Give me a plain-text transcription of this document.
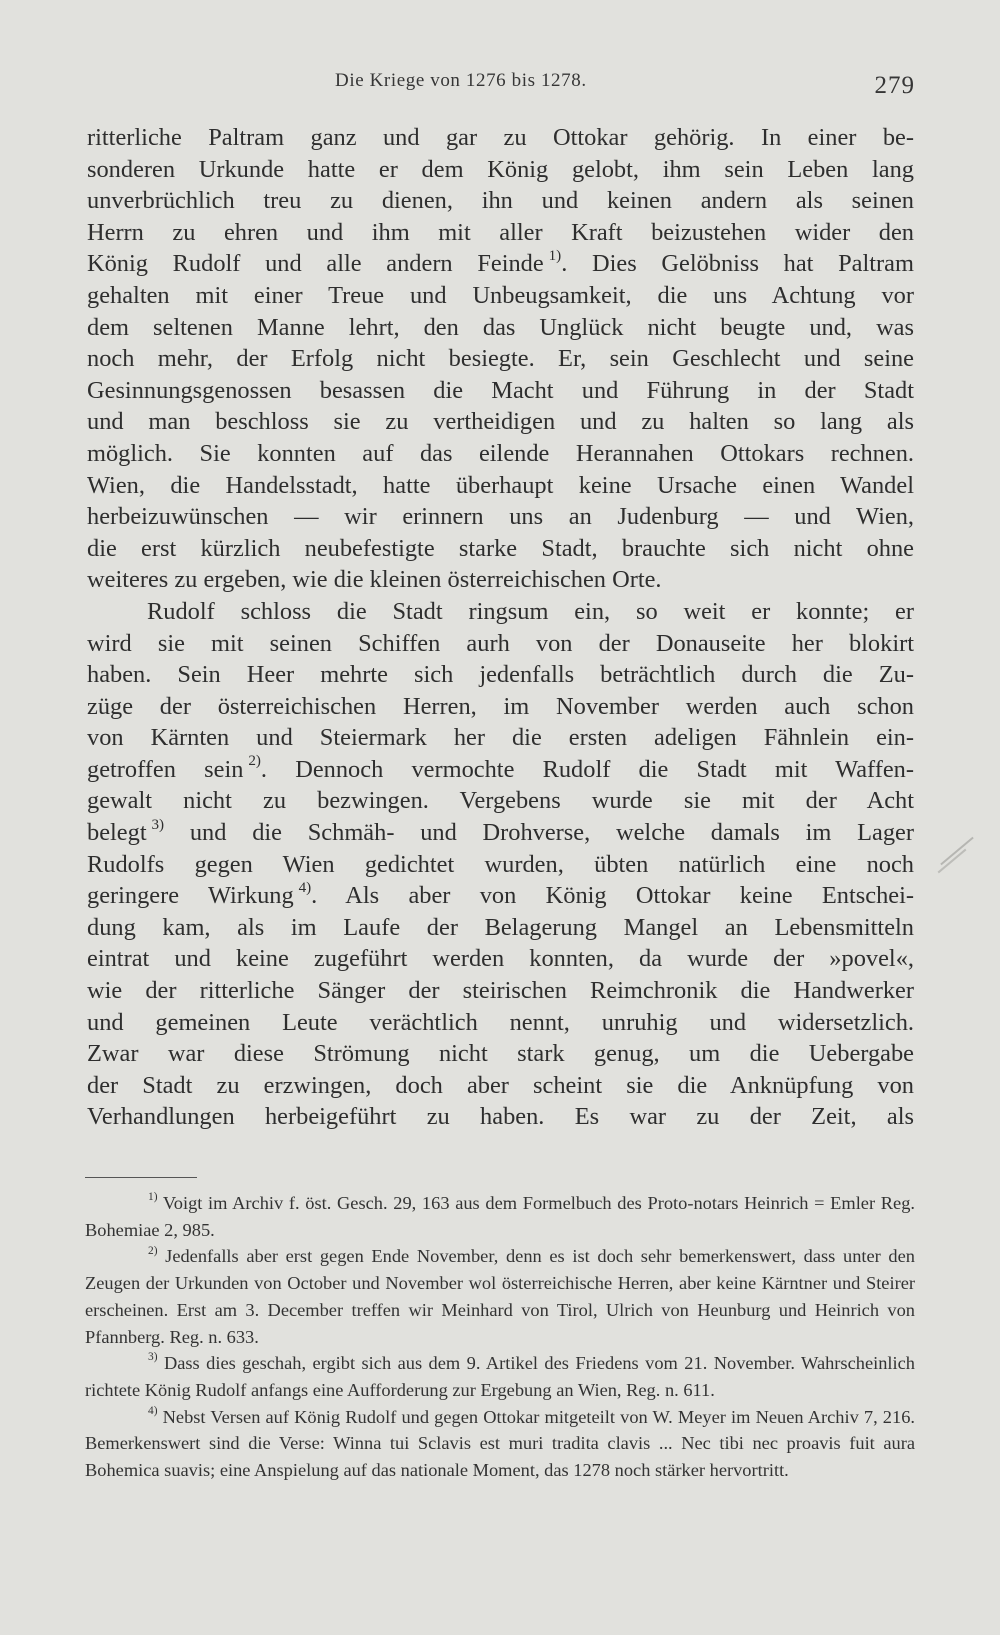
Die Kriege von 1276 bis 1278.	279

ritterliche Paltram ganz und gar zu Ottokar gehörig. In einer be-

sonderen Urkunde hatte er dem König gelobt, ihm sein Leben lang

unverbrüchlich treu zu dienen, ihn und keinen andern als seinen

Herrn zu ehren und ihm mit aller Kraft beizustehen wider den

König Rudolf und alle andern Feinde  $^{1)}$. Dies Gelöbniss hat Paltram

gehalten mit einer Treue und Unbeugsamkeit, die uns Achtung vor

dem seltenen Manne lehrt, den das Unglück nicht beugte und, was

noch mehr, der Erfolg nicht besiegte. Er, sein Geschlecht und seine

Gesinnungsgenossen besassen die Macht und Führung in der Stadt

und man beschloss sie zu vertheidigen und zu halten so lang als

möglich. Sie konnten auf das eilende Herannahen Ottokars rechnen.

Wien, die Handelsstadt, hatte überhaupt keine Ursache einen Wandel

herbeizuwünschen — wir erinnern uns an Judenburg — und Wien,

die erst kürzlich neubefestigte starke Stadt, brauchte sich nicht ohne

weiteres zu ergeben, wie die kleinen österreichischen Orte.

Rudolf schloss die Stadt ringsum ein, so weit er konnte; er

wird sie mit seinen Schiffen aurh von der Donauseite her blokirt

haben. Sein Heer mehrte sich jedenfalls beträchtlich durch die Zu-

züge der österreichischen Herren, im November werden auch schon

von Kärnten und Steiermark her die ersten adeligen Fähnlein ein-

getroffen sein  $^{2)}$. Dennoch vermochte Rudolf die Stadt mit Waffen-

gewalt nicht zu bezwingen. Vergebens wurde sie mit der Acht

belegt  $^{3)}$ und die Schmäh- und Drohverse, welche damals im Lager

Rudolfs gegen Wien gedichtet wurden, übten natürlich eine noch

geringere Wirkung  $^{4)}$. Als aber von König Ottokar keine Entschei-

dung kam, als im Laufe der Belagerung Mangel an Lebensmitteln

eintrat und keine zugeführt werden konnten, da wurde der »povel«,

wie der ritterliche Sänger der steirischen Reimchronik die Handwerker

und gemeinen Leute verächtlich nennt, unruhig und widersetzlich.

Zwar war diese Strömung nicht stark genug, um die Uebergabe

der Stadt zu erzwingen, doch aber scheint sie die Anknüpfung von

Verhandlungen herbeigeführt zu haben. Es war zu der Zeit, als

$^{1)}$ Voigt im Archiv f. öst. Gesch. 29, 163 aus dem Formelbuch des Proto-notars Heinrich = Emler Reg. Bohemiae 2, 985.

$^{2)}$ Jedenfalls aber erst gegen Ende November, denn es ist doch sehr bemerkenswert, dass unter den Zeugen der Urkunden von October und November wol österreichische Herren, aber keine Kärntner und Steirer erscheinen. Erst am 3. December treffen wir Meinhard von Tirol, Ulrich von Heunburg und Heinrich von Pfannberg. Reg. n. 633.

$^{3)}$ Dass dies geschah, ergibt sich aus dem 9. Artikel des Friedens vom 21. November. Wahrscheinlich richtete König Rudolf anfangs eine Aufforderung zur Ergebung an Wien, Reg. n. 611.

$^{4)}$ Nebst Versen auf König Rudolf und gegen Ottokar mitgeteilt von W. Meyer im Neuen Archiv 7, 216. Bemerkenswert sind die Verse: Winna tui Sclavis est muri tradita clavis ... Nec tibi nec proavis fuit aura Bohemica suavis; eine Anspielung auf das nationale Moment, das 1278 noch stärker hervortritt.
